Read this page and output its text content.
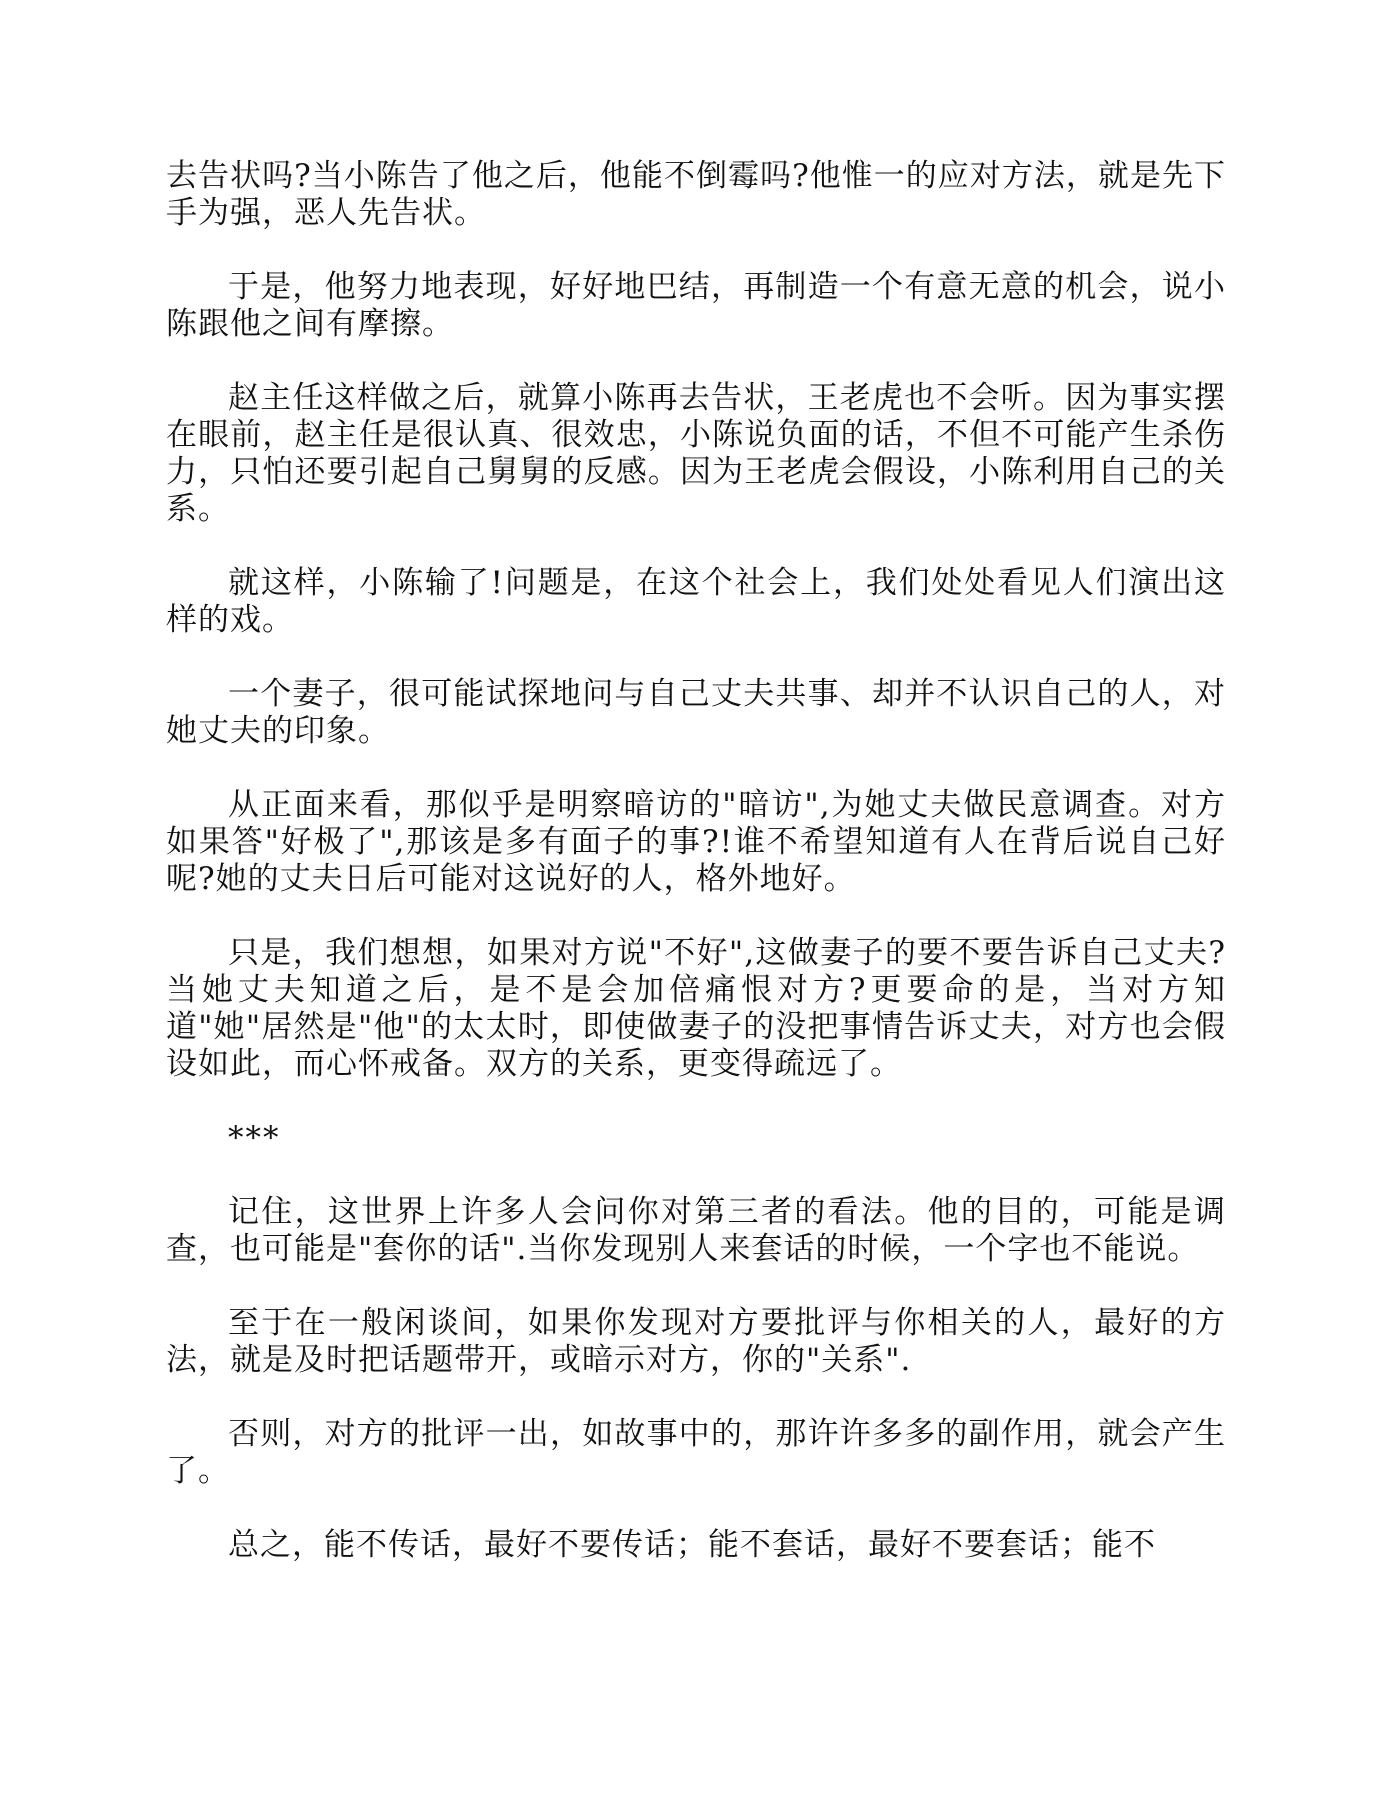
去告状吗?当小陈告了他之后，他能不倒霉吗?他惟一的应对方法，就是先下手为强，恶人先告状。

于是，他努力地表现，好好地巴结，再制造一个有意无意的机会，说小陈跟他之间有摩擦。

赵主任这样做之后，就算小陈再去告状，王老虎也不会听。因为事实摆在眼前，赵主任是很认真、很效忠，小陈说负面的话，不但不可能产生杀伤力，只怕还要引起自己舅舅的反感。因为王老虎会假设，小陈利用自己的关系。

就这样，小陈输了!问题是，在这个社会上，我们处处看见人们演出这样的戏。

一个妻子，很可能试探地问与自己丈夫共事、却并不认识自己的人，对她丈夫的印象。

从正面来看，那似乎是明察暗访的"暗访",为她丈夫做民意调查。对方如果答"好极了",那该是多有面子的事?!谁不希望知道有人在背后说自己好呢?她的丈夫日后可能对这说好的人，格外地好。

只是，我们想想，如果对方说"不好",这做妻子的要不要告诉自己丈夫?当她丈夫知道之后，是不是会加倍痛恨对方?更要命的是，当对方知道"她"居然是"他"的太太时，即使做妻子的没把事情告诉丈夫，对方也会假设如此，而心怀戒备。双方的关系，更变得疏远了。

***

记住，这世界上许多人会问你对第三者的看法。他的目的，可能是调查，也可能是"套你的话".当你发现别人来套话的时候，一个字也不能说。

至于在一般闲谈间，如果你发现对方要批评与你相关的人，最好的方法，就是及时把话题带开，或暗示对方，你的"关系".

否则，对方的批评一出，如故事中的，那许许多多的副作用，就会产生了。

总之，能不传话，最好不要传话；能不套话，最好不要套话；能不
